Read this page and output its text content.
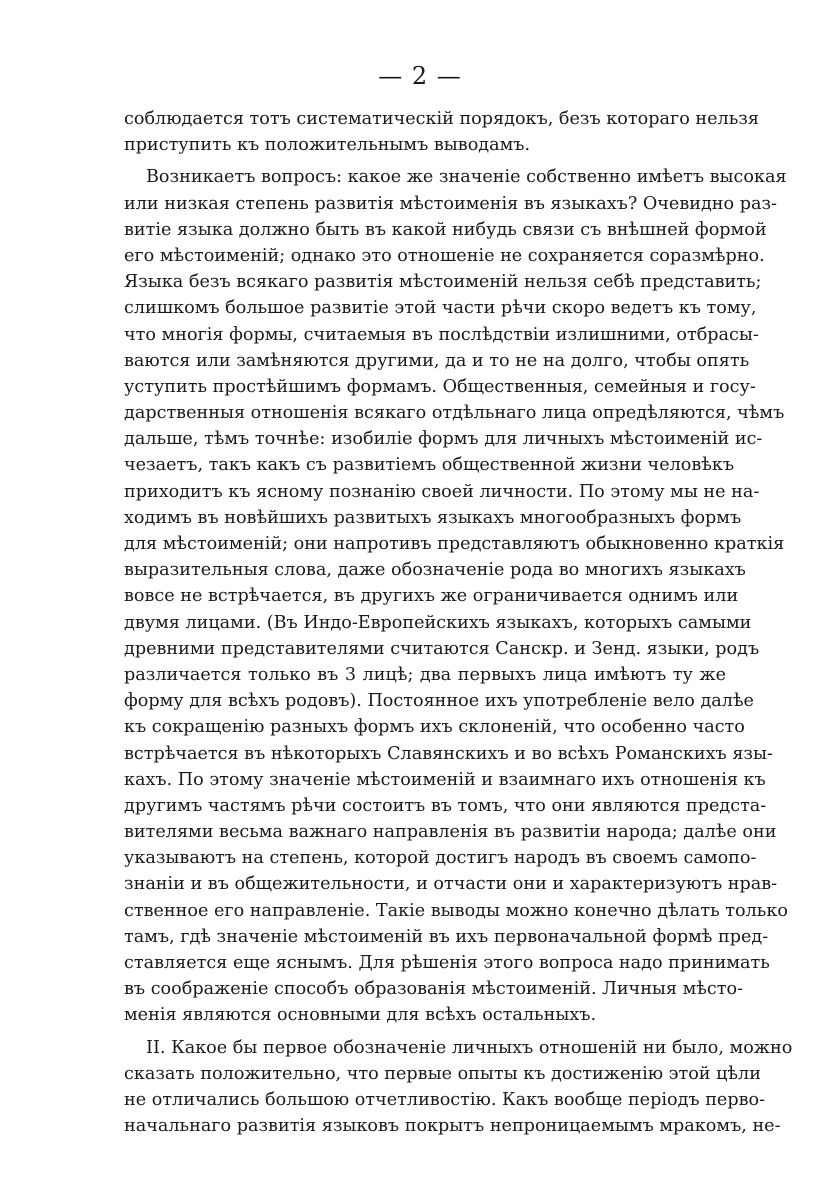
— 2 —
соблюдается тотъ систематическій порядокъ, безъ котораго нельзя
приступить къ положительнымъ выводамъ.
Возникаетъ вопросъ: какое же значеніе собственно имѣетъ высокая
или низкая степень развитія мѣстоименія въ языкахъ? Очевидно раз-
витіе языка должно быть въ какой нибудь связи съ внѣшней формой
его мѣстоименій; однако это отношеніе не сохраняется соразмѣрно.
Языка безъ всякаго развитія мѣстоименій нельзя себѣ представить;
слишкомъ большое развитіе этой части рѣчи скоро ведетъ къ тому,
что многія формы, считаемыя въ послѣдствіи излишними, отбрасы-
ваются или замѣняются другими, да и то не на долго, чтобы опять
уступить простѣйшимъ формамъ. Общественныя, семейныя и госу-
дарственныя отношенія всякаго отдѣльнаго лица опредѣляются, чѣмъ
дальше, тѣмъ точнѣе: изобиліе формъ для личныхъ мѣстоименій ис-
чезаетъ, такъ какъ съ развитіемъ общественной жизни человѣкъ
приходитъ къ ясному познанію своей личности. По этому мы не на-
ходимъ въ новѣйшихъ развитыхъ языкахъ многообразныхъ формъ
для мѣстоименій; они напротивъ представляютъ обыкновенно краткія
выразительныя слова, даже обозначеніе рода во многихъ языкахъ
вовсе не встрѣчается, въ другихъ же ограничивается однимъ или
двумя лицами. (Въ Индо-Европейскихъ языкахъ, которыхъ самыми
древними представителями считаются Санскр. и Зенд. языки, родъ
различается только въ 3 лицѣ; два первыхъ лица имѣютъ ту же
форму для всѣхъ родовъ). Постоянное ихъ употребленіе вело далѣе
къ сокращенію разныхъ формъ ихъ склоненій, что особенно часто
встрѣчается въ нѣкоторыхъ Славянскихъ и во всѣхъ Романскихъ язы-
кахъ. По этому значеніе мѣстоименій и взаимнаго ихъ отношенія къ
другимъ частямъ рѣчи состоитъ въ томъ, что они являются предста-
вителями весьма важнаго направленія въ развитіи народа; далѣе они
указываютъ на степень, которой достигъ народъ въ своемъ самопо-
знаніи и въ общежительности, и отчасти они и характеризуютъ нрав-
ственное его направленіе. Такіе выводы можно конечно дѣлать только
тамъ, гдѣ значеніе мѣстоименій въ ихъ первоначальной формѣ пред-
ставляется еще яснымъ. Для рѣшенія этого вопроса надо принимать
въ соображеніе способъ образованія мѣстоименій. Личныя мѣсто-
менія являются основными для всѣхъ остальныхъ.
II. Какое бы первое обозначеніе личныхъ отношеній ни было, можно
сказать положительно, что первые опыты къ достиженію этой цѣли
не отличались большою отчетливостію. Какъ вообще періодъ перво-
начальнаго развитія языковъ покрытъ непроницаемымъ мракомъ, не-
